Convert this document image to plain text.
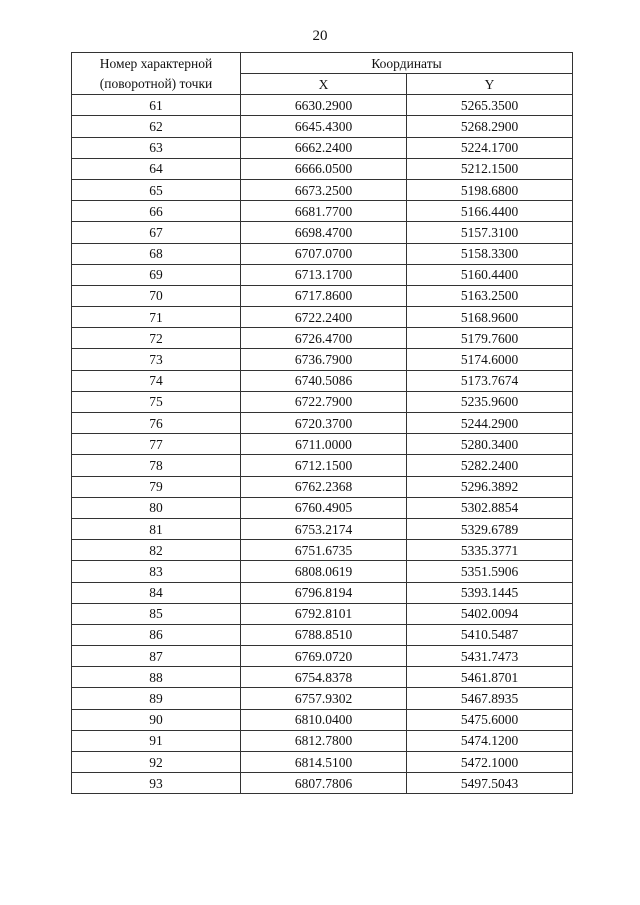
20
Номер характерной
(поворотной) точки	Координаты	
	X	Y
61	6630.2900	5265.3500
62	6645.4300	5268.2900
63	6662.2400	5224.1700
64	6666.0500	5212.1500
65	6673.2500	5198.6800
66	6681.7700	5166.4400
67	6698.4700	5157.3100
68	6707.0700	5158.3300
69	6713.1700	5160.4400
70	6717.8600	5163.2500
71	6722.2400	5168.9600
72	6726.4700	5179.7600
73	6736.7900	5174.6000
74	6740.5086	5173.7674
75	6722.7900	5235.9600
76	6720.3700	5244.2900
77	6711.0000	5280.3400
78	6712.1500	5282.2400
79	6762.2368	5296.3892
80	6760.4905	5302.8854
81	6753.2174	5329.6789
82	6751.6735	5335.3771
83	6808.0619	5351.5906
84	6796.8194	5393.1445
85	6792.8101	5402.0094
86	6788.8510	5410.5487
87	6769.0720	5431.7473
88	6754.8378	5461.8701
89	6757.9302	5467.8935
90	6810.0400	5475.6000
91	6812.7800	5474.1200
92	6814.5100	5472.1000
93	6807.7806	5497.5043
